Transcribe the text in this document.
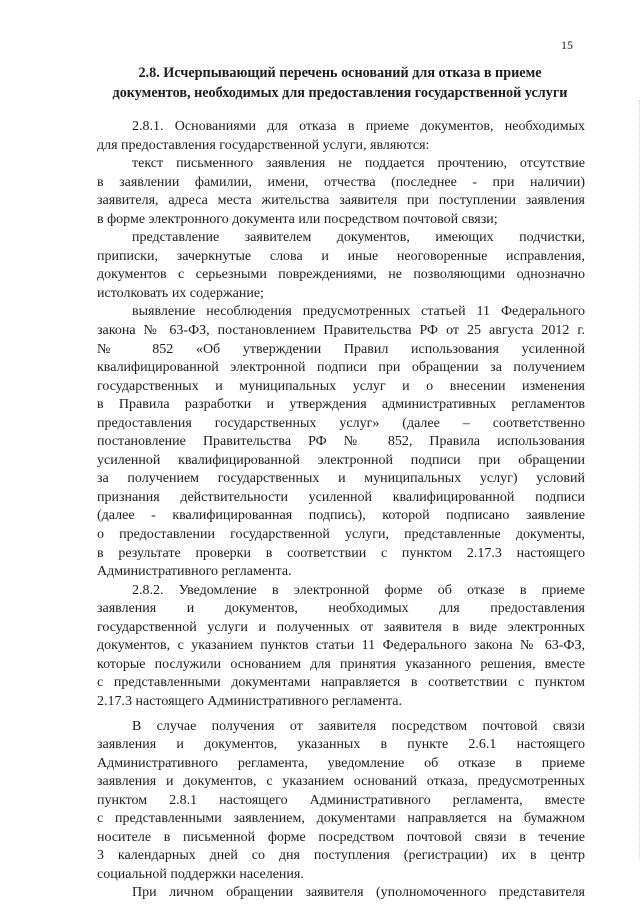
15
2.8. Исчерпывающий перечень оснований для отказа в приеме
документов, необходимых для предоставления государственной услуги
2.8.1. Основаниями для отказа в приеме документов, необходимых
для предоставления государственной услуги, являются:
текст письменного заявления не поддается прочтению, отсутствие
в заявлении фамилии, имени, отчества (последнее - при наличии)
заявителя, адреса места жительства заявителя при поступлении заявления
в форме электронного документа или посредством почтовой связи;
представление заявителем документов, имеющих подчистки,
приписки, зачеркнутые слова и иные неоговоренные исправления,
документов с серьезными повреждениями, не позволяющими однозначно
истолковать их содержание;
выявление несоблюдения предусмотренных статьей 11 Федерального
закона № 63-ФЗ, постановлением Правительства РФ от 25 августа 2012 г.
№ 852 «Об утверждении Правил использования усиленной
квалифицированной электронной подписи при обращении за получением
государственных и муниципальных услуг и о внесении изменения
в Правила разработки и утверждения административных регламентов
предоставления государственных услуг» (далее – соответственно
постановление Правительства РФ № 852, Правила использования
усиленной квалифицированной электронной подписи при обращении
за получением государственных и муниципальных услуг) условий
признания действительности усиленной квалифицированной подписи
(далее - квалифицированная подпись), которой подписано заявление
о предоставлении государственной услуги, представленные документы,
в результате проверки в соответствии с пунктом 2.17.3 настоящего
Административного регламента.
2.8.2. Уведомление в электронной форме об отказе в приеме
заявления и документов, необходимых для предоставления
государственной услуги и полученных от заявителя в виде электронных
документов, с указанием пунктов статьи 11 Федерального закона № 63-ФЗ,
которые послужили основанием для принятия указанного решения, вместе
с представленными документами направляется в соответствии с пунктом
2.17.3 настоящего Административного регламента.
В случае получения от заявителя посредством почтовой связи
заявления и документов, указанных в пункте 2.6.1 настоящего
Административного регламента, уведомление об отказе в приеме
заявления и документов, с указанием оснований отказа, предусмотренных
пунктом 2.8.1 настоящего Административного регламента, вместе
с представленными заявлением, документами направляется на бумажном
носителе в письменной форме посредством почтовой связи в течение
3 календарных дней со дня поступления (регистрации) их в центр
социальной поддержки населения.
При личном обращении заявителя (уполномоченного представителя
